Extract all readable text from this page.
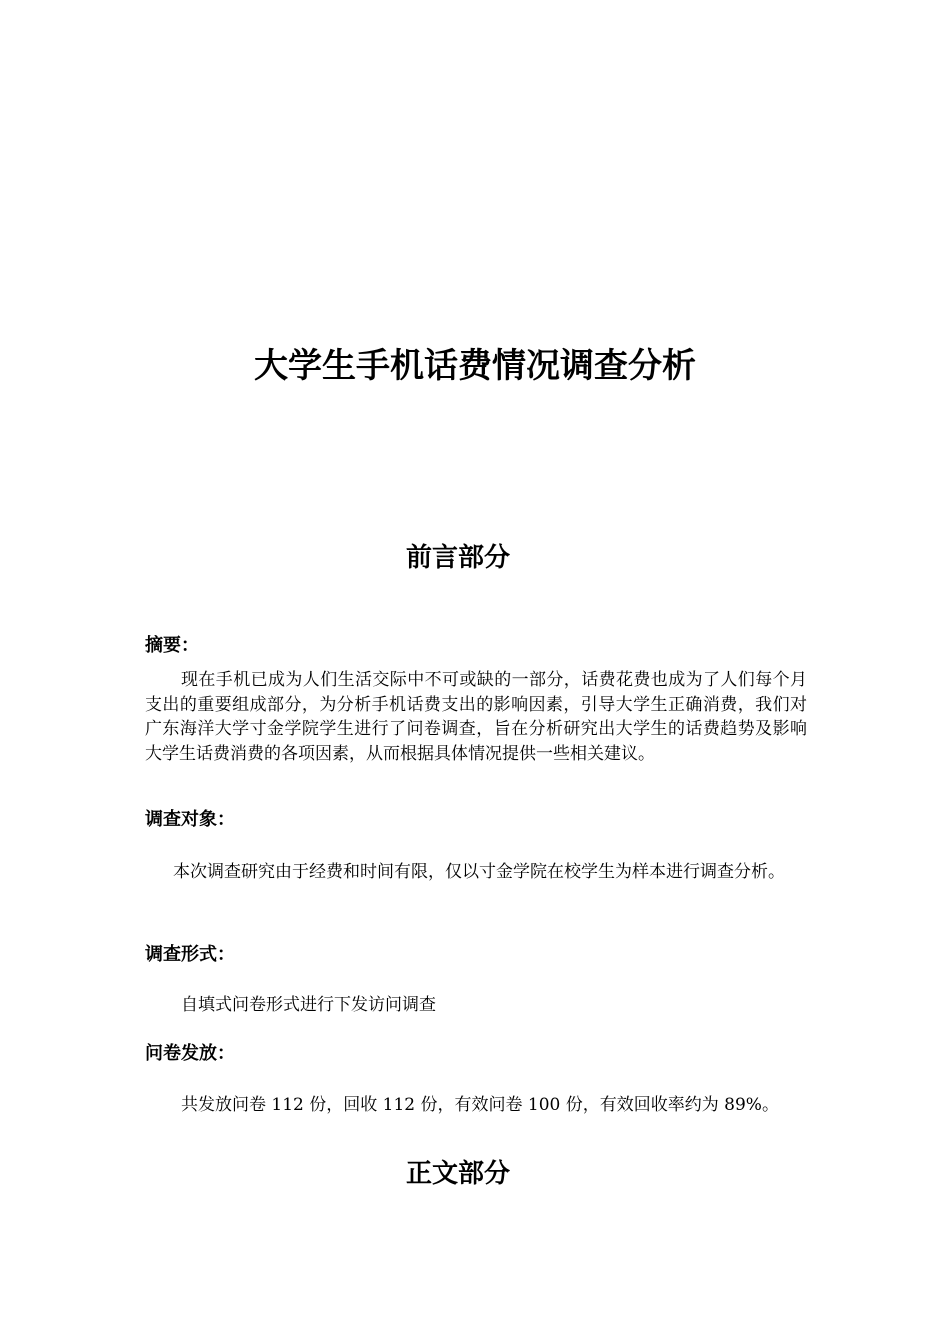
大学生手机话费情况调查分析
前言部分
摘要：

现在手机已成为人们生活交际中不可或缺的一部分，话费花费也成为了人们每个月支出的重要组成部分，为分析手机话费支出的影响因素，引导大学生正确消费，我们对广东海洋大学寸金学院学生进行了问卷调查，旨在分析研究出大学生的话费趋势及影响大学生话费消费的各项因素，从而根据具体情况提供一些相关建议。

调查对象：

本次调查研究由于经费和时间有限，仅以寸金学院在校学生为样本进行调查分析。

调查形式：

自填式问卷形式进行下发访问调查

问卷发放：

共发放问卷 112 份，回收 112 份，有效问卷 100 份，有效回收率约为 89%。

正文部分
